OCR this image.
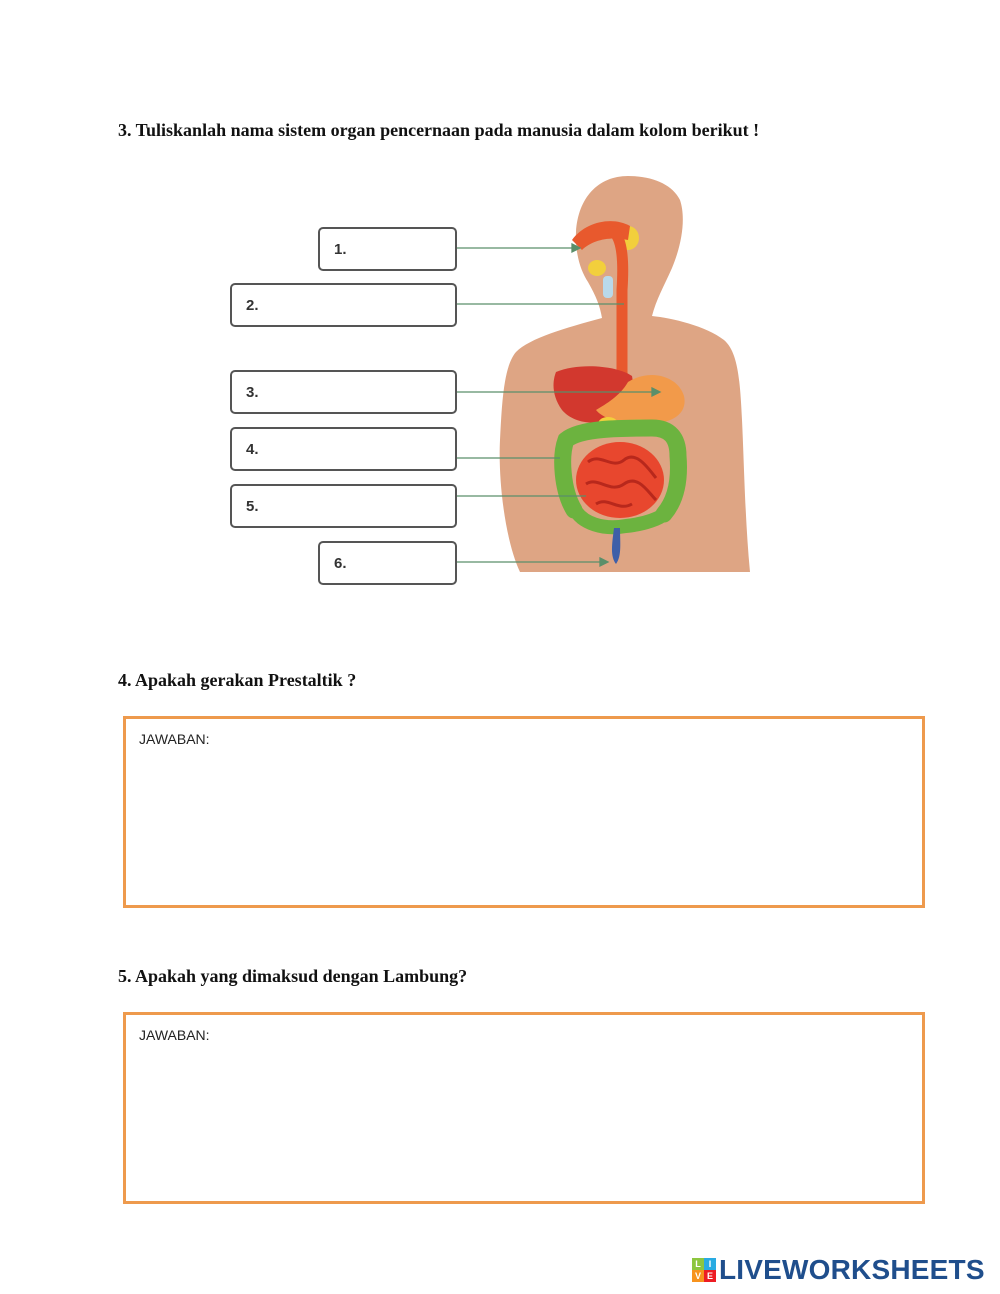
3. Tuliskanlah nama sistem organ pencernaan pada manusia dalam kolom berikut !
1.
2.
3.
4.
5.
6.
4. Apakah gerakan Prestaltik ?
JAWABAN:
5. Apakah yang dimaksud dengan Lambung?
JAWABAN:
L I
V E LIVEWORKSHEETS
